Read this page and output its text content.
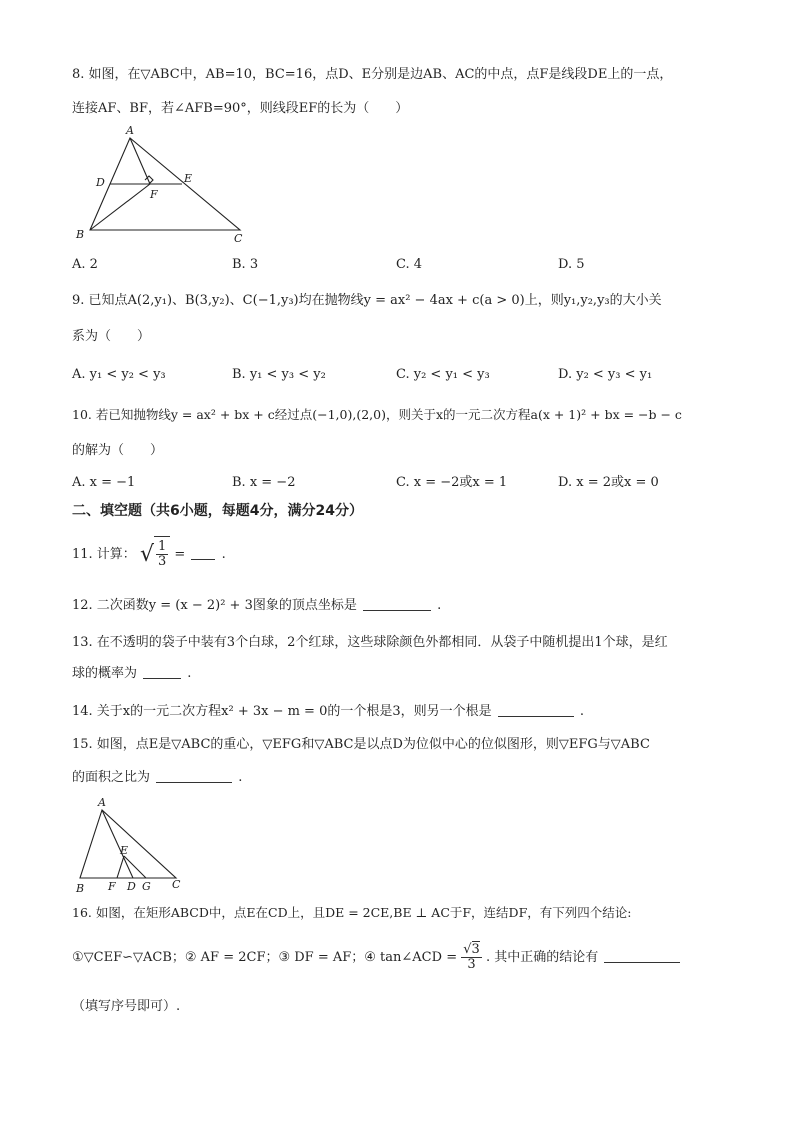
8. 如图，在▽ABC中，AB=10，BC=16，点D、E分别是边AB、AC的中点，点F是线段DE上的一点，
连接AF、BF，若∠AFB=90°，则线段EF的长为（　　）
A
D	E
F
B	C
A. 2	B. 3	C. 4	D. 5
9. 已知点A(2,y₁)、B(3,y₂)、C(−1,y₃)均在抛物线y = ax² − 4ax + c(a > 0)上，则y₁,y₂,y₃的大小关
系为（　　）
A. y₁ < y₂ < y₃	B. y₁ < y₃ < y₂	C. y₂ < y₁ < y₃	D. y₂ < y₃ < y₁
10. 若已知抛物线y = ax² + bx + c经过点(−1,0),(2,0)，则关于x的一元二次方程a(x + 1)² + bx = −b − c
的解为（　　）
A. x = −1	B. x = −2	C. x = −2或x = 1	D. x = 2或x = 0
二、填空题（共6小题，每题4分，满分24分）
11. 计算： √ $\frac{1}{3}$ =	.
12. 二次函数y = (x − 2)² + 3图象的顶点坐标是	.
13. 在不透明的袋子中装有3个白球，2个红球，这些球除颜色外都相同．从袋子中随机提出1个球，是红
球的概率为	.
14. 关于x的一元二次方程x² + 3x − m = 0的一个根是3，则另一个根是	.
15. 如图，点E是▽ABC的重心，▽EFG和▽ABC是以点D为位似中心的位似图形，则▽EFG与▽ABC
的面积之比为	.
A
E
B F D G C
16. 如图，在矩形ABCD中，点E在CD上，且DE = 2CE,BE ⊥ AC于F，连结DF，有下列四个结论:
①▽CEF∽▽ACB；② AF = 2CF；③ DF = AF；④ tan∠ACD = $\frac{√3}{3}$ . 其中正确的结论有
（填写序号即可）.
